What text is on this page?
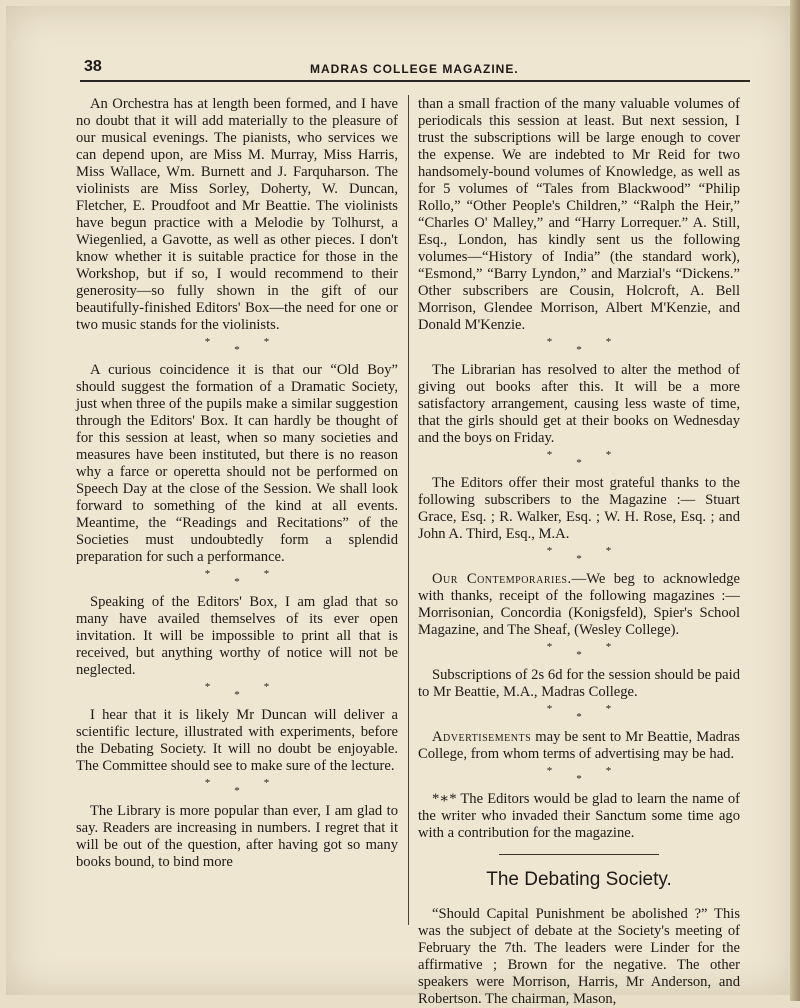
38	MADRAS COLLEGE MAGAZINE.

An Orchestra has at length been formed, and I have no doubt that it will add materially to the pleasure of our musical evenings. The pianists, who services we can depend upon, are Miss M. Murray, Miss Harris, Miss Wallace, Wm. Burnett and J. Farquharson. The violinists are Miss Sorley, Doherty, W. Duncan, Fletcher, E. Proudfoot and Mr Beattie. The violinists have begun practice with a Melodie by Tolhurst, a Wiegenlied, a Gavotte, as well as other pieces. I don't know whether it is suitable practice for those in the Workshop, but if so, I would recommend to their generosity—so fully shown in the gift of our beautifully-finished Editors' Box—the need for one or two music stands for the violinists.

***

A curious coincidence it is that our “Old Boy” should suggest the formation of a Dramatic Society, just when three of the pupils make a similar suggestion through the Editors' Box. It can hardly be thought of for this session at least, when so many societies and measures have been instituted, but there is no reason why a farce or operetta should not be performed on Speech Day at the close of the Session. We shall look forward to something of the kind at all events. Meantime, the “Readings and Recitations” of the Societies must undoubtedly form a splendid preparation for such a performance.

***

Speaking of the Editors' Box, I am glad that so many have availed themselves of its ever open invitation. It will be impossible to print all that is received, but anything worthy of notice will not be neglected.

***

I hear that it is likely Mr Duncan will deliver a scientific lecture, illustrated with experiments, before the Debating Society. It will no doubt be enjoyable. The Committee should see to make sure of the lecture.

***

The Library is more popular than ever, I am glad to say. Readers are increasing in numbers. I regret that it will be out of the question, after having got so many books bound, to bind more

than a small fraction of the many valuable volumes of periodicals this session at least. But next session, I trust the subscriptions will be large enough to cover the expense. We are indebted to Mr Reid for two handsomely-bound volumes of Knowledge, as well as for 5 volumes of “Tales from Blackwood” “Philip Rollo,” “Other People's Children,” “Ralph the Heir,” “Charles O' Malley,” and “Harry Lorrequer.” A. Still, Esq., London, has kindly sent us the following volumes—“History of India” (the standard work), “Esmond,” “Barry Lyndon,” and Marzial's “Dickens.” Other subscribers are Cousin, Holcroft, A. Bell Morrison, Glendee Morrison, Albert M'Kenzie, and Donald M'Kenzie.

***

The Librarian has resolved to alter the method of giving out books after this. It will be a more satisfactory arrangement, causing less waste of time, that the girls should get at their books on Wednesday and the boys on Friday.

***

The Editors offer their most grateful thanks to the following subscribers to the Magazine :— Stuart Grace, Esq. ; R. Walker, Esq. ; W. H. Rose, Esq. ; and John A. Third, Esq., M.A.

***

Our Contemporaries.—We beg to acknowledge with thanks, receipt of the following magazines :—Morrisonian, Concordia (Konigsfeld), Spier's School Magazine, and The Sheaf, (Wesley College).

***

Subscriptions of 2s 6d for the session should be paid to Mr Beattie, M.A., Madras College.

***

Advertisements may be sent to Mr Beattie, Madras College, from whom terms of advertising may be had.

***

*∗* The Editors would be glad to learn the name of the writer who invaded their Sanctum some time ago with a contribution for the magazine.

The Debating Society.

“Should Capital Punishment be abolished ?” This was the subject of debate at the Society's meeting of February the 7th. The leaders were Linder for the affirmative ; Brown for the negative. The other speakers were Morrison, Harris, Mr Anderson, and Robertson. The chairman, Mason,
